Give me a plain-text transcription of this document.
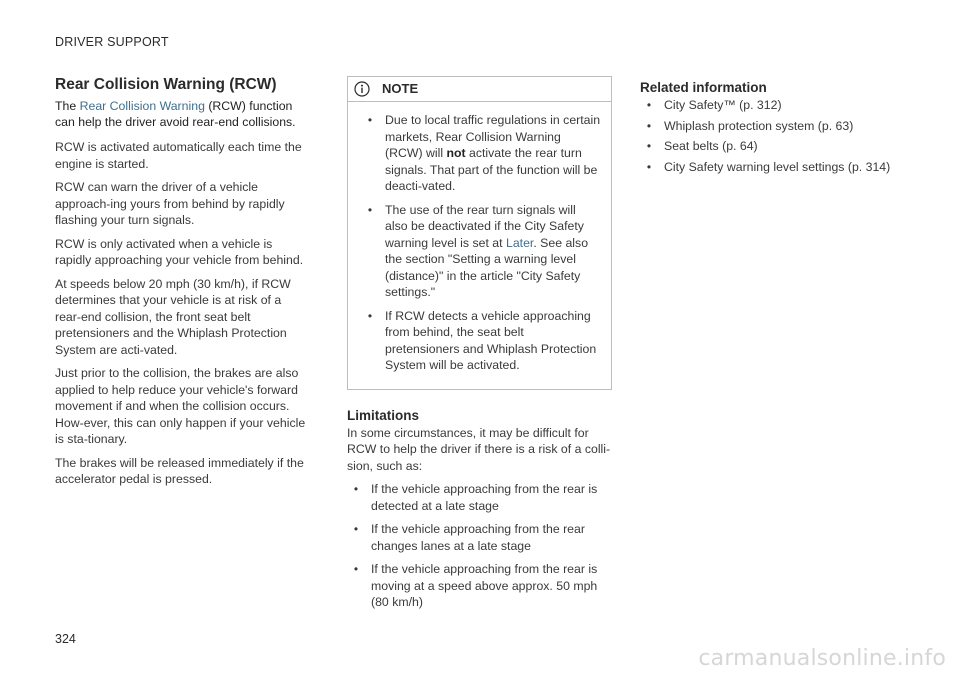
DRIVER SUPPORT
Rear Collision Warning (RCW)
The Rear Collision Warning (RCW) function can help the driver avoid rear-end collisions.

RCW is activated automatically each time the engine is started.

RCW can warn the driver of a vehicle approach-ing yours from behind by rapidly flashing your turn signals.

RCW is only activated when a vehicle is rapidly approaching your vehicle from behind.

At speeds below 20 mph (30 km/h), if RCW determines that your vehicle is at risk of a rear-end collision, the front seat belt pretensioners and the Whiplash Protection System are acti-vated.

Just prior to the collision, the brakes are also applied to help reduce your vehicle's forward movement if and when the collision occurs. How-ever, this can only happen if your vehicle is sta-tionary.

The brakes will be released immediately if the accelerator pedal is pressed.

NOTE
•	Due to local traffic regulations in certain markets, Rear Collision Warning (RCW) will not activate the rear turn signals. That part of the function will be deacti-vated.
•	The use of the rear turn signals will also be deactivated if the City Safety warning level is set at Later. See also the section "Setting a warning level (distance)" in the article "City Safety settings."
•	If RCW detects a vehicle approaching from behind, the seat belt pretensioners and Whiplash Protection System will be activated.
Limitations

In some circumstances, it may be difficult for RCW to help the driver if there is a risk of a colli-sion, such as:

•	If the vehicle approaching from the rear is detected at a late stage
•	If the vehicle approaching from the rear changes lanes at a late stage
•	If the vehicle approaching from the rear is moving at a speed above approx. 50 mph (80 km/h)
Related information
•	City Safety™ (p. 312)
•	Whiplash protection system (p. 63)
•	Seat belts (p. 64)
•	City Safety warning level settings (p. 314)
324
carmanualsonline.info
